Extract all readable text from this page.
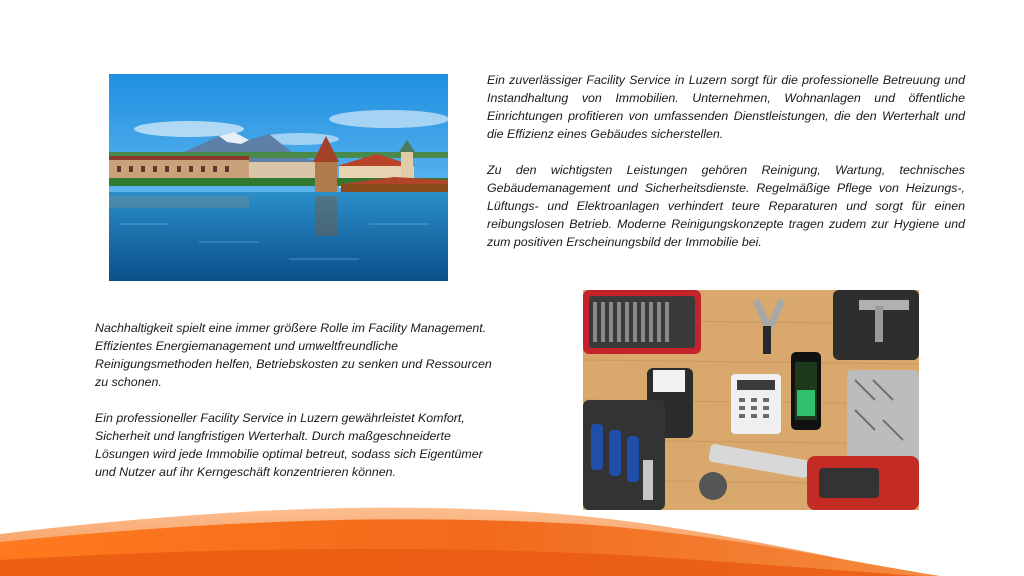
Ein zuverlässiger Facility Service in Luzern sorgt für die professionelle Betreuung und Instandhaltung von Immobilien. Unternehmen, Wohnanlagen und öffentliche Einrichtungen profitieren von umfassenden Dienstleistungen, die den Werterhalt und die Effizienz eines Gebäudes sicherstellen.

Zu den wichtigsten Leistungen gehören Reinigung, Wartung, technisches Gebäudemanagement und Sicherheitsdienste. Regelmäßige Pflege von Heizungs-, Lüftungs- und Elektroanlagen verhindert teure Reparaturen und sorgt für einen reibungslosen Betrieb. Moderne Reinigungskonzepte tragen zudem zur Hygiene und zum positiven Erscheinungsbild der Immobilie bei.

Nachhaltigkeit spielt eine immer größere Rolle im Facility Management. Effizientes Energiemanagement und umweltfreundliche Reinigungsmethoden helfen, Betriebskosten zu senken und Ressourcen zu schonen.

Ein professioneller Facility Service in Luzern gewährleistet Komfort, Sicherheit und langfristigen Werterhalt. Durch maßgeschneiderte Lösungen wird jede Immobilie optimal betreut, sodass sich Eigentümer und Nutzer auf ihr Kerngeschäft konzentrieren können.
